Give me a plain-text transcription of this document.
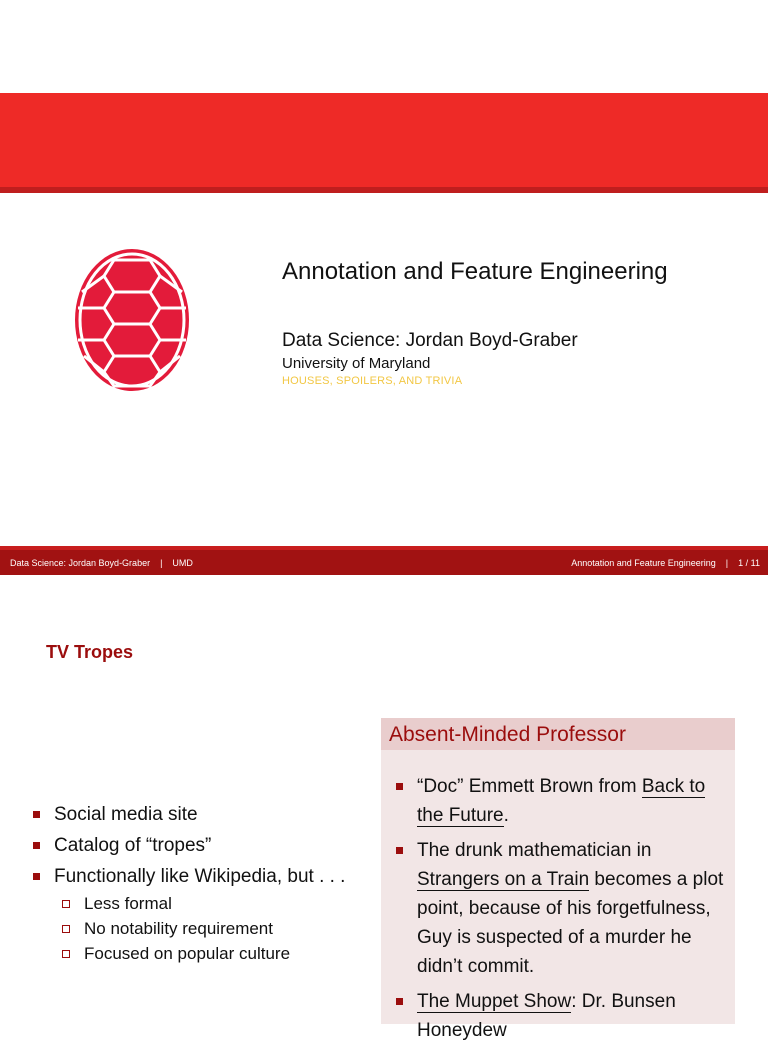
Annotation and Feature Engineering
Data Science: Jordan Boyd-Graber
University of Maryland
HOUSES, SPOILERS, AND TRIVIA
Data Science: Jordan Boyd-Graber    |    UMD	Annotation and Feature Engineering    |    1 / 11
TV Tropes
Social media site
Catalog of “tropes”
Functionally like Wikipedia, but . . .
Less formal
No notability requirement
Focused on popular culture
Absent-Minded Professor
“Doc” Emmett Brown from Back to the Future.
The drunk mathematician in Strangers on a Train becomes a plot point, because of his forgetfulness, Guy is suspected of a murder he didn’t commit.
The Muppet Show: Dr. Bunsen Honeydew
